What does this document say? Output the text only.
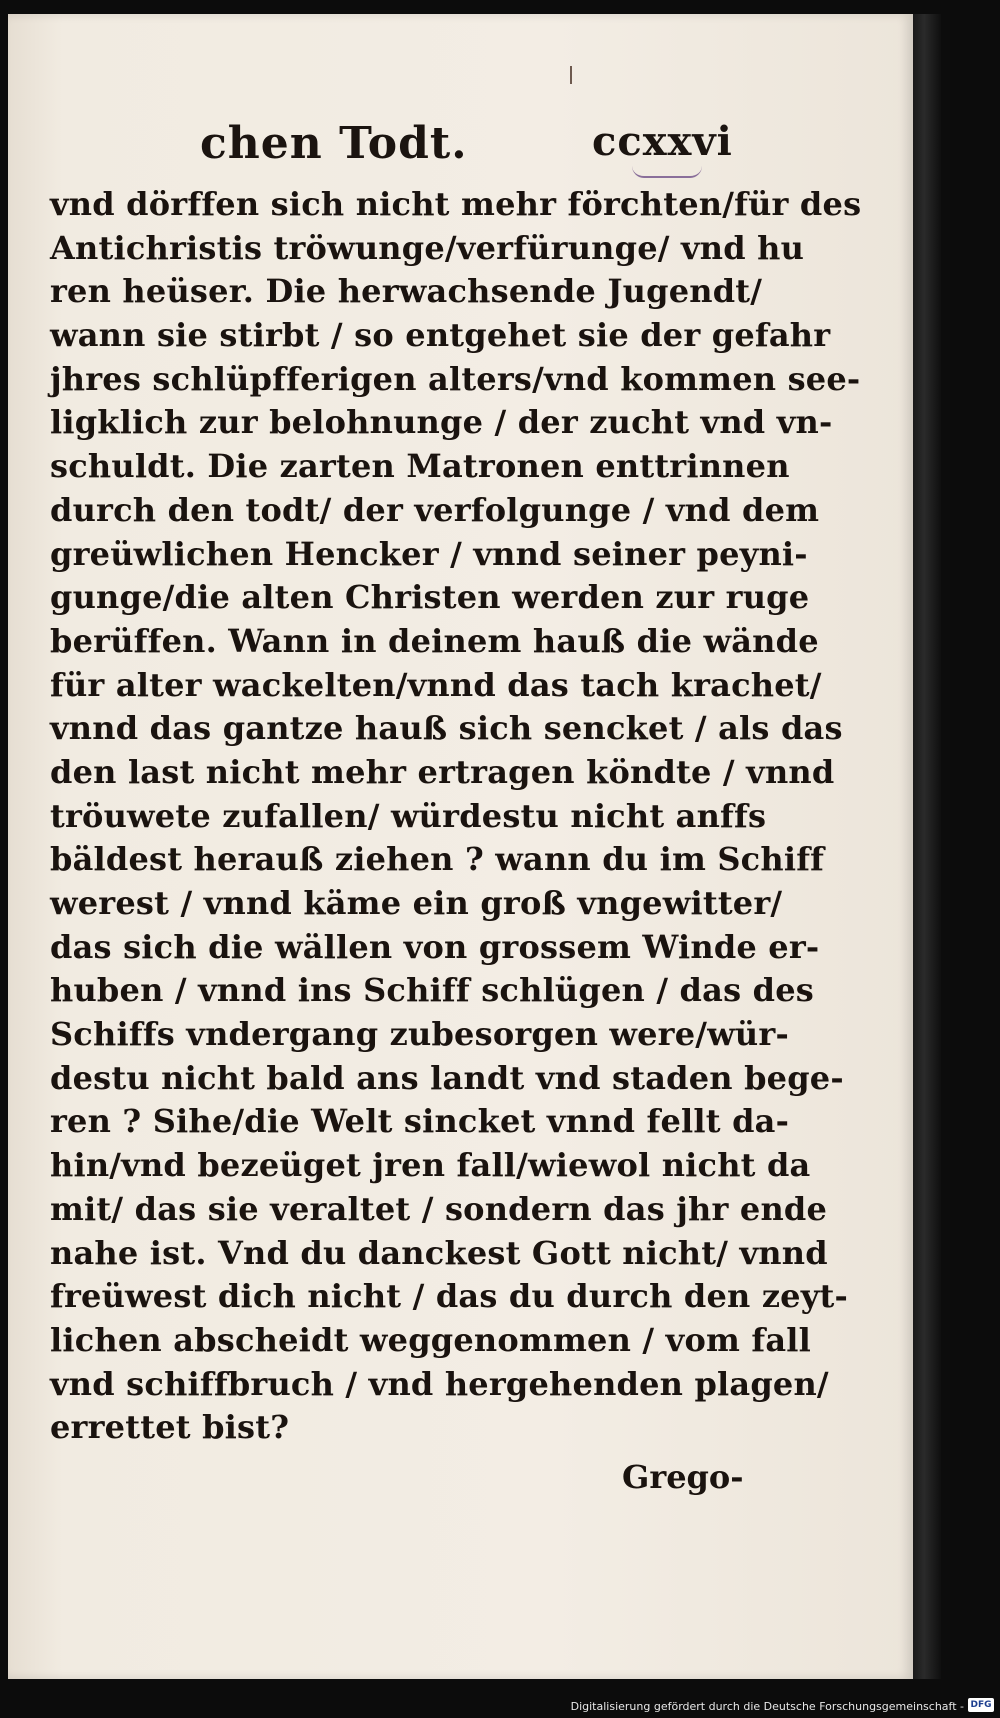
chen Todt.	ccxxvi
vnd dörffen sich nicht mehr förchten/für des
Antichristis tröwunge/verfürunge/ vnd hu
ren heüser. Die herwachsende Jugendt/
wann sie stirbt / so entgehet sie der gefahr
jhres schlüpfferigen alters/vnd kommen see-
ligklich zur belohnunge / der zucht vnd vn-
schuldt. Die zarten Matronen enttrinnen
durch den todt/ der verfolgunge / vnd dem
greüwlichen Hencker / vnnd seiner peyni-
gunge/die alten Christen werden zur ruge
berüffen. Wann in deinem hauß die wände
für alter wackelten/vnnd das tach krachet/
vnnd das gantze hauß sich sencket / als das
den last nicht mehr ertragen köndte / vnnd
tröuwete zufallen/ würdestu nicht anffs
bäldest herauß ziehen ? wann du im Schiff
werest / vnnd käme ein groß vngewitter/
das sich die wällen von grossem Winde er-
huben / vnnd ins Schiff schlügen / das des
Schiffs vndergang zubesorgen were/wür-
destu nicht bald ans landt vnd staden bege-
ren ? Sihe/die Welt sincket vnnd fellt da-
hin/vnd bezeüget jren fall/wiewol nicht da
mit/ das sie veraltet / sondern das jhr ende
nahe ist. Vnd du danckest Gott nicht/ vnnd
freüwest dich nicht / das du durch den zeyt-
lichen abscheidt weggenommen / vom fall
vnd schiffbruch / vnd hergehenden plagen/
errettet bist?
Grego-
Digitalisierung gefördert durch die Deutsche Forschungsgemeinschaft - DFG
